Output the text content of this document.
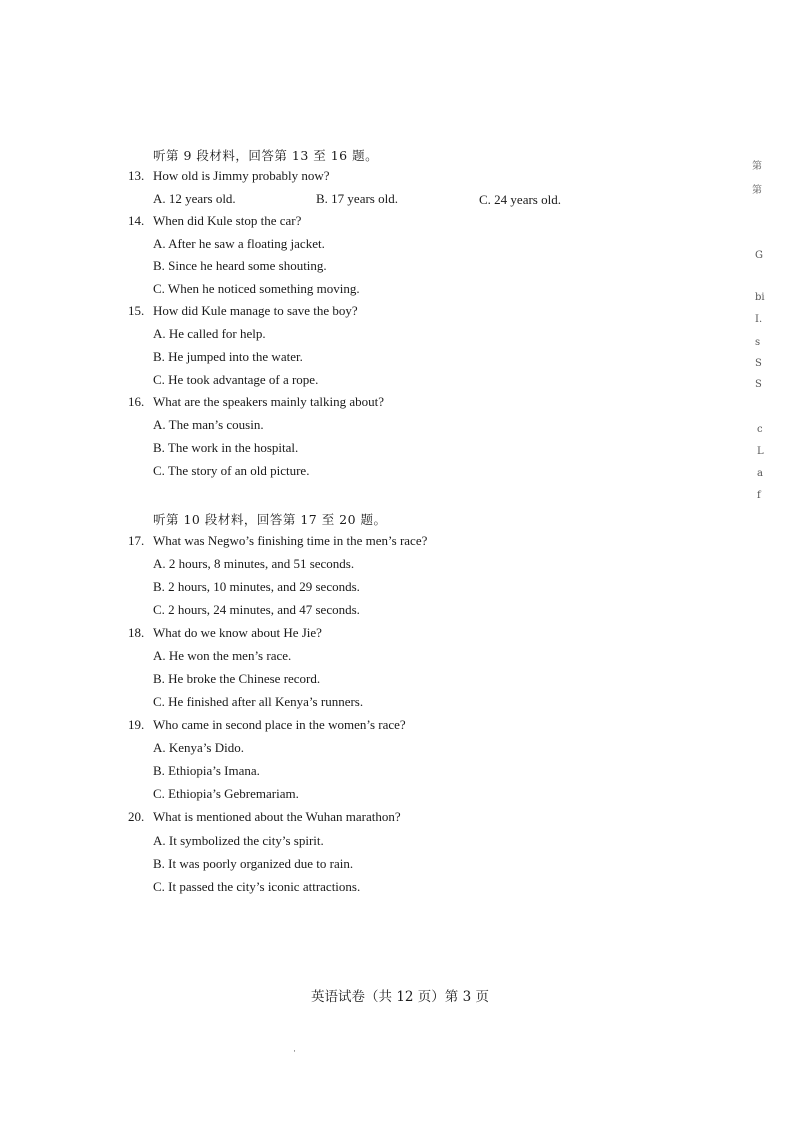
听第 9 段材料，回答第 13 至 16 题。
13. How old is Jimmy probably now?
A. 12 years old.	B. 17 years old.	C. 24 years old.
14. When did Kule stop the car?
A. After he saw a floating jacket.
B. Since he heard some shouting.
C. When he noticed something moving.
15. How did Kule manage to save the boy?
A. He called for help.
B. He jumped into the water.
C. He took advantage of a rope.
16. What are the speakers mainly talking about?
A. The man’s cousin.
B. The work in the hospital.
C. The story of an old picture.
听第 10 段材料，回答第 17 至 20 题。
17. What was Negwo’s finishing time in the men’s race?
A. 2 hours, 8 minutes, and 51 seconds.
B. 2 hours, 10 minutes, and 29 seconds.
C. 2 hours, 24 minutes, and 47 seconds.
18. What do we know about He Jie?
A. He won the men’s race.
B. He broke the Chinese record.
C. He finished after all Kenya’s runners.
19. Who came in second place in the women’s race?
A. Kenya’s Dido.
B. Ethiopia’s Imana.
C. Ethiopia’s Gebremariam.
20. What is mentioned about the Wuhan marathon?
A. It symbolized the city’s spirit.
B. It was poorly organized due to rain.
C. It passed the city’s iconic attractions.
英语试卷（共 12 页）第 3 页
第
第
G
bi
I.
s
S
S
c
L
a
f
·
